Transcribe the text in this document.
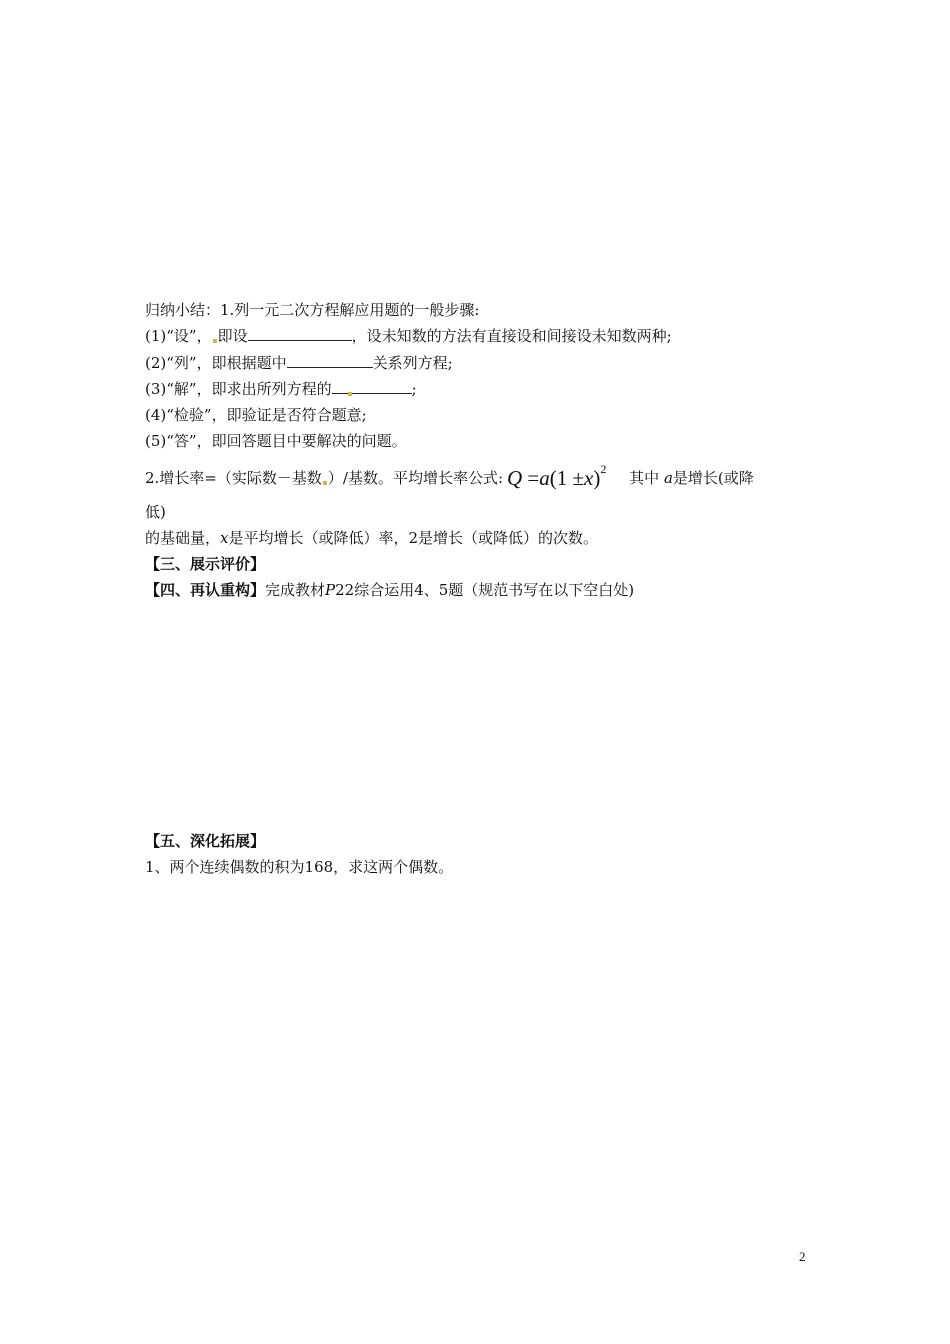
归纳小结：1.列一元二次方程解应用题的一般步骤:
(1)“设”， 即设	，设未知数的方法有直接设和间接设未知数两种;
(2)“列”，即根据题中	关系列方程;
(3)“解”，即求出所列方程的	;
(4)“检验”，即验证是否符合题意;
(5)“答”，即回答题目中要解决的问题。
2.增长率=（实际数－基数 ）/基数。平均增长率公式: $Q =a(1 \pm x)^2$ 其中 a是增长(或降
低)
的基础量，x是平均增长（或降低）率，2是增长（或降低）的次数。
【三、展示评价】
【四、再认重构】完成教材P22综合运用4、5题（规范书写在以下空白处)
【五、深化拓展】
1、两个连续偶数的积为168，求这两个偶数。
2
